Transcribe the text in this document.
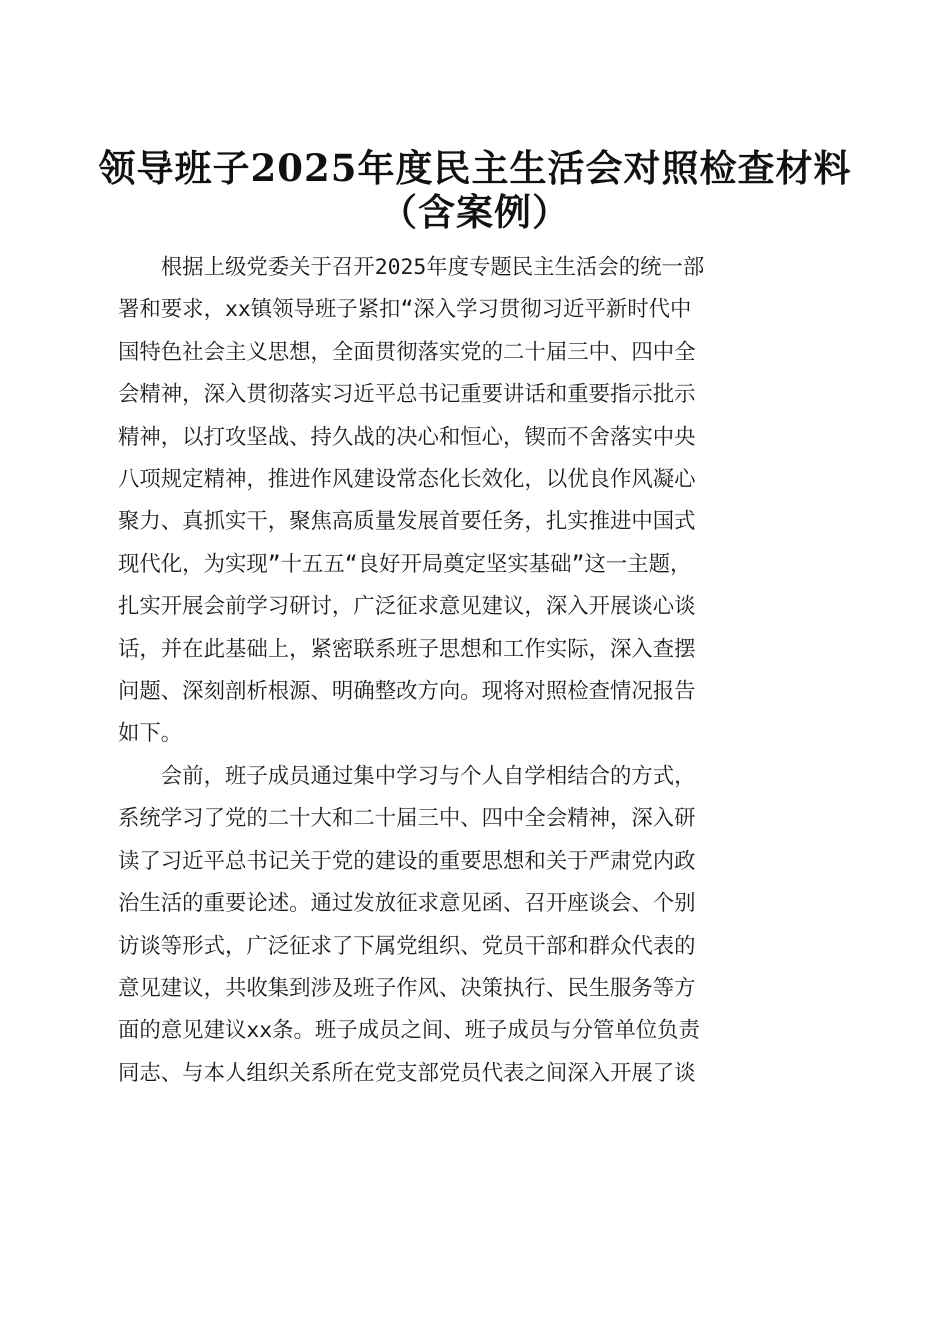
领导班子2025年度民主生活会对照检查材料
（含案例）
　　根据上级党委关于召开2025年度专题民主生活会的统一部
署和要求，xx镇领导班子紧扣“深入学习贯彻习近平新时代中
国特色社会主义思想，全面贯彻落实党的二十届三中、四中全
会精神，深入贯彻落实习近平总书记重要讲话和重要指示批示
精神，以打攻坚战、持久战的决心和恒心，锲而不舍落实中央
八项规定精神，推进作风建设常态化长效化，以优良作风凝心
聚力、真抓实干，聚焦高质量发展首要任务，扎实推进中国式
现代化，为实现”十五五“良好开局奠定坚实基础”这一主题，
扎实开展会前学习研讨，广泛征求意见建议，深入开展谈心谈
话，并在此基础上，紧密联系班子思想和工作实际，深入查摆
问题、深刻剖析根源、明确整改方向。现将对照检查情况报告
如下。
　　会前，班子成员通过集中学习与个人自学相结合的方式，
系统学习了党的二十大和二十届三中、四中全会精神，深入研
读了习近平总书记关于党的建设的重要思想和关于严肃党内政
治生活的重要论述。通过发放征求意见函、召开座谈会、个别
访谈等形式，广泛征求了下属党组织、党员干部和群众代表的
意见建议，共收集到涉及班子作风、决策执行、民生服务等方
面的意见建议xx条。班子成员之间、班子成员与分管单位负责
同志、与本人组织关系所在党支部党员代表之间深入开展了谈
